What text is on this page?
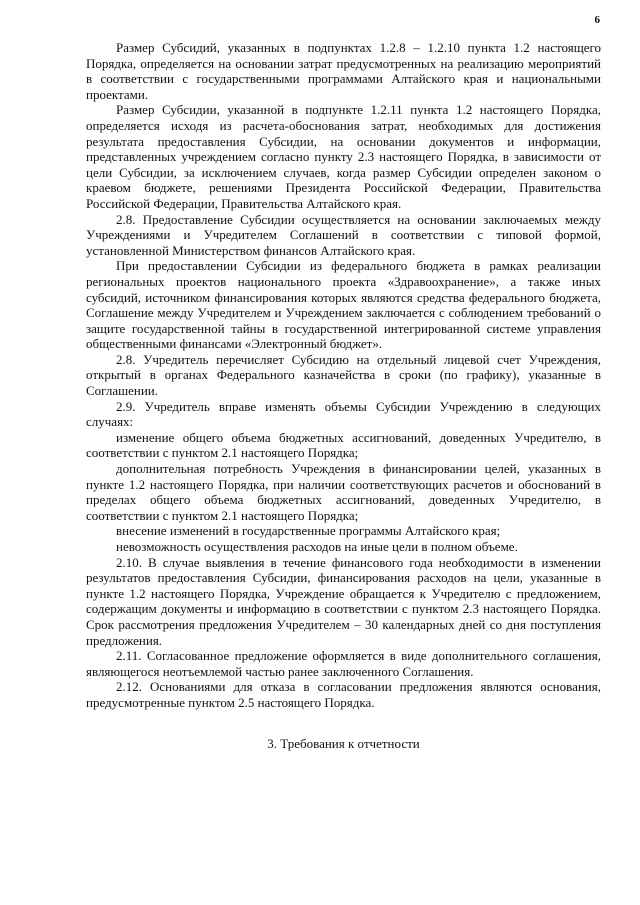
6

Размер Субсидий, указанных в подпунктах 1.2.8 – 1.2.10 пункта 1.2 настоящего Порядка, определяется на основании затрат предусмотренных на реализацию мероприятий в соответствии с государственными программами Алтайского края и национальными проектами.

Размер Субсидии, указанной в подпункте 1.2.11 пункта 1.2 настоящего Порядка, определяется исходя из расчета-обоснования затрат, необходимых для достижения результата предоставления Субсидии, на основании документов и информации, представленных учреждением согласно пункту 2.3 настоящего Порядка, в зависимости от цели Субсидии, за исключением случаев, когда размер Субсидии определен законом о краевом бюджете, решениями Президента Российской Федерации, Правительства Российской Федерации, Правительства Алтайского края.

2.8. Предоставление Субсидии осуществляется на основании заключаемых между Учреждениями и Учредителем Соглашений в соответствии с типовой формой, установленной Министерством финансов Алтайского края.

При предоставлении Субсидии из федерального бюджета в рамках реализации региональных проектов национального проекта «Здравоохранение», а также иных субсидий, источником финансирования которых являются средства федерального бюджета, Соглашение между Учредителем и Учреждением заключается с соблюдением требований о защите государственной тайны в государственной интегрированной системе управления общественными финансами «Электронный бюджет».

2.8. Учредитель перечисляет Субсидию на отдельный лицевой счет Учреждения, открытый в органах Федерального казначейства в сроки (по графику), указанные в Соглашении.

2.9. Учредитель вправе изменять объемы Субсидии Учреждению в следующих случаях:

изменение общего объема бюджетных ассигнований, доведенных Учредителю, в соответствии с пунктом 2.1 настоящего Порядка;

дополнительная потребность Учреждения в финансировании целей, указанных в пункте 1.2 настоящего Порядка, при наличии соответствующих расчетов и обоснований в пределах общего объема бюджетных ассигнований, доведенных Учредителю, в соответствии с пунктом 2.1 настоящего Порядка;

внесение изменений в государственные программы Алтайского края;

невозможность осуществления расходов на иные цели в полном объеме.

2.10. В случае выявления в течение финансового года необходимости в изменении результатов предоставления Субсидии, финансирования расходов на цели, указанные в пункте 1.2 настоящего Порядка, Учреждение обращается к Учредителю с предложением, содержащим документы и информацию в соответствии с пунктом 2.3 настоящего Порядка. Срок рассмотрения предложения Учредителем – 30 календарных дней со дня поступления предложения.

2.11. Согласованное предложение оформляется в виде дополнительного соглашения, являющегося неотъемлемой частью ранее заключенного Соглашения.

2.12. Основаниями для отказа в согласовании предложения являются основания, предусмотренные пунктом 2.5 настоящего Порядка.

3. Требования к отчетности
